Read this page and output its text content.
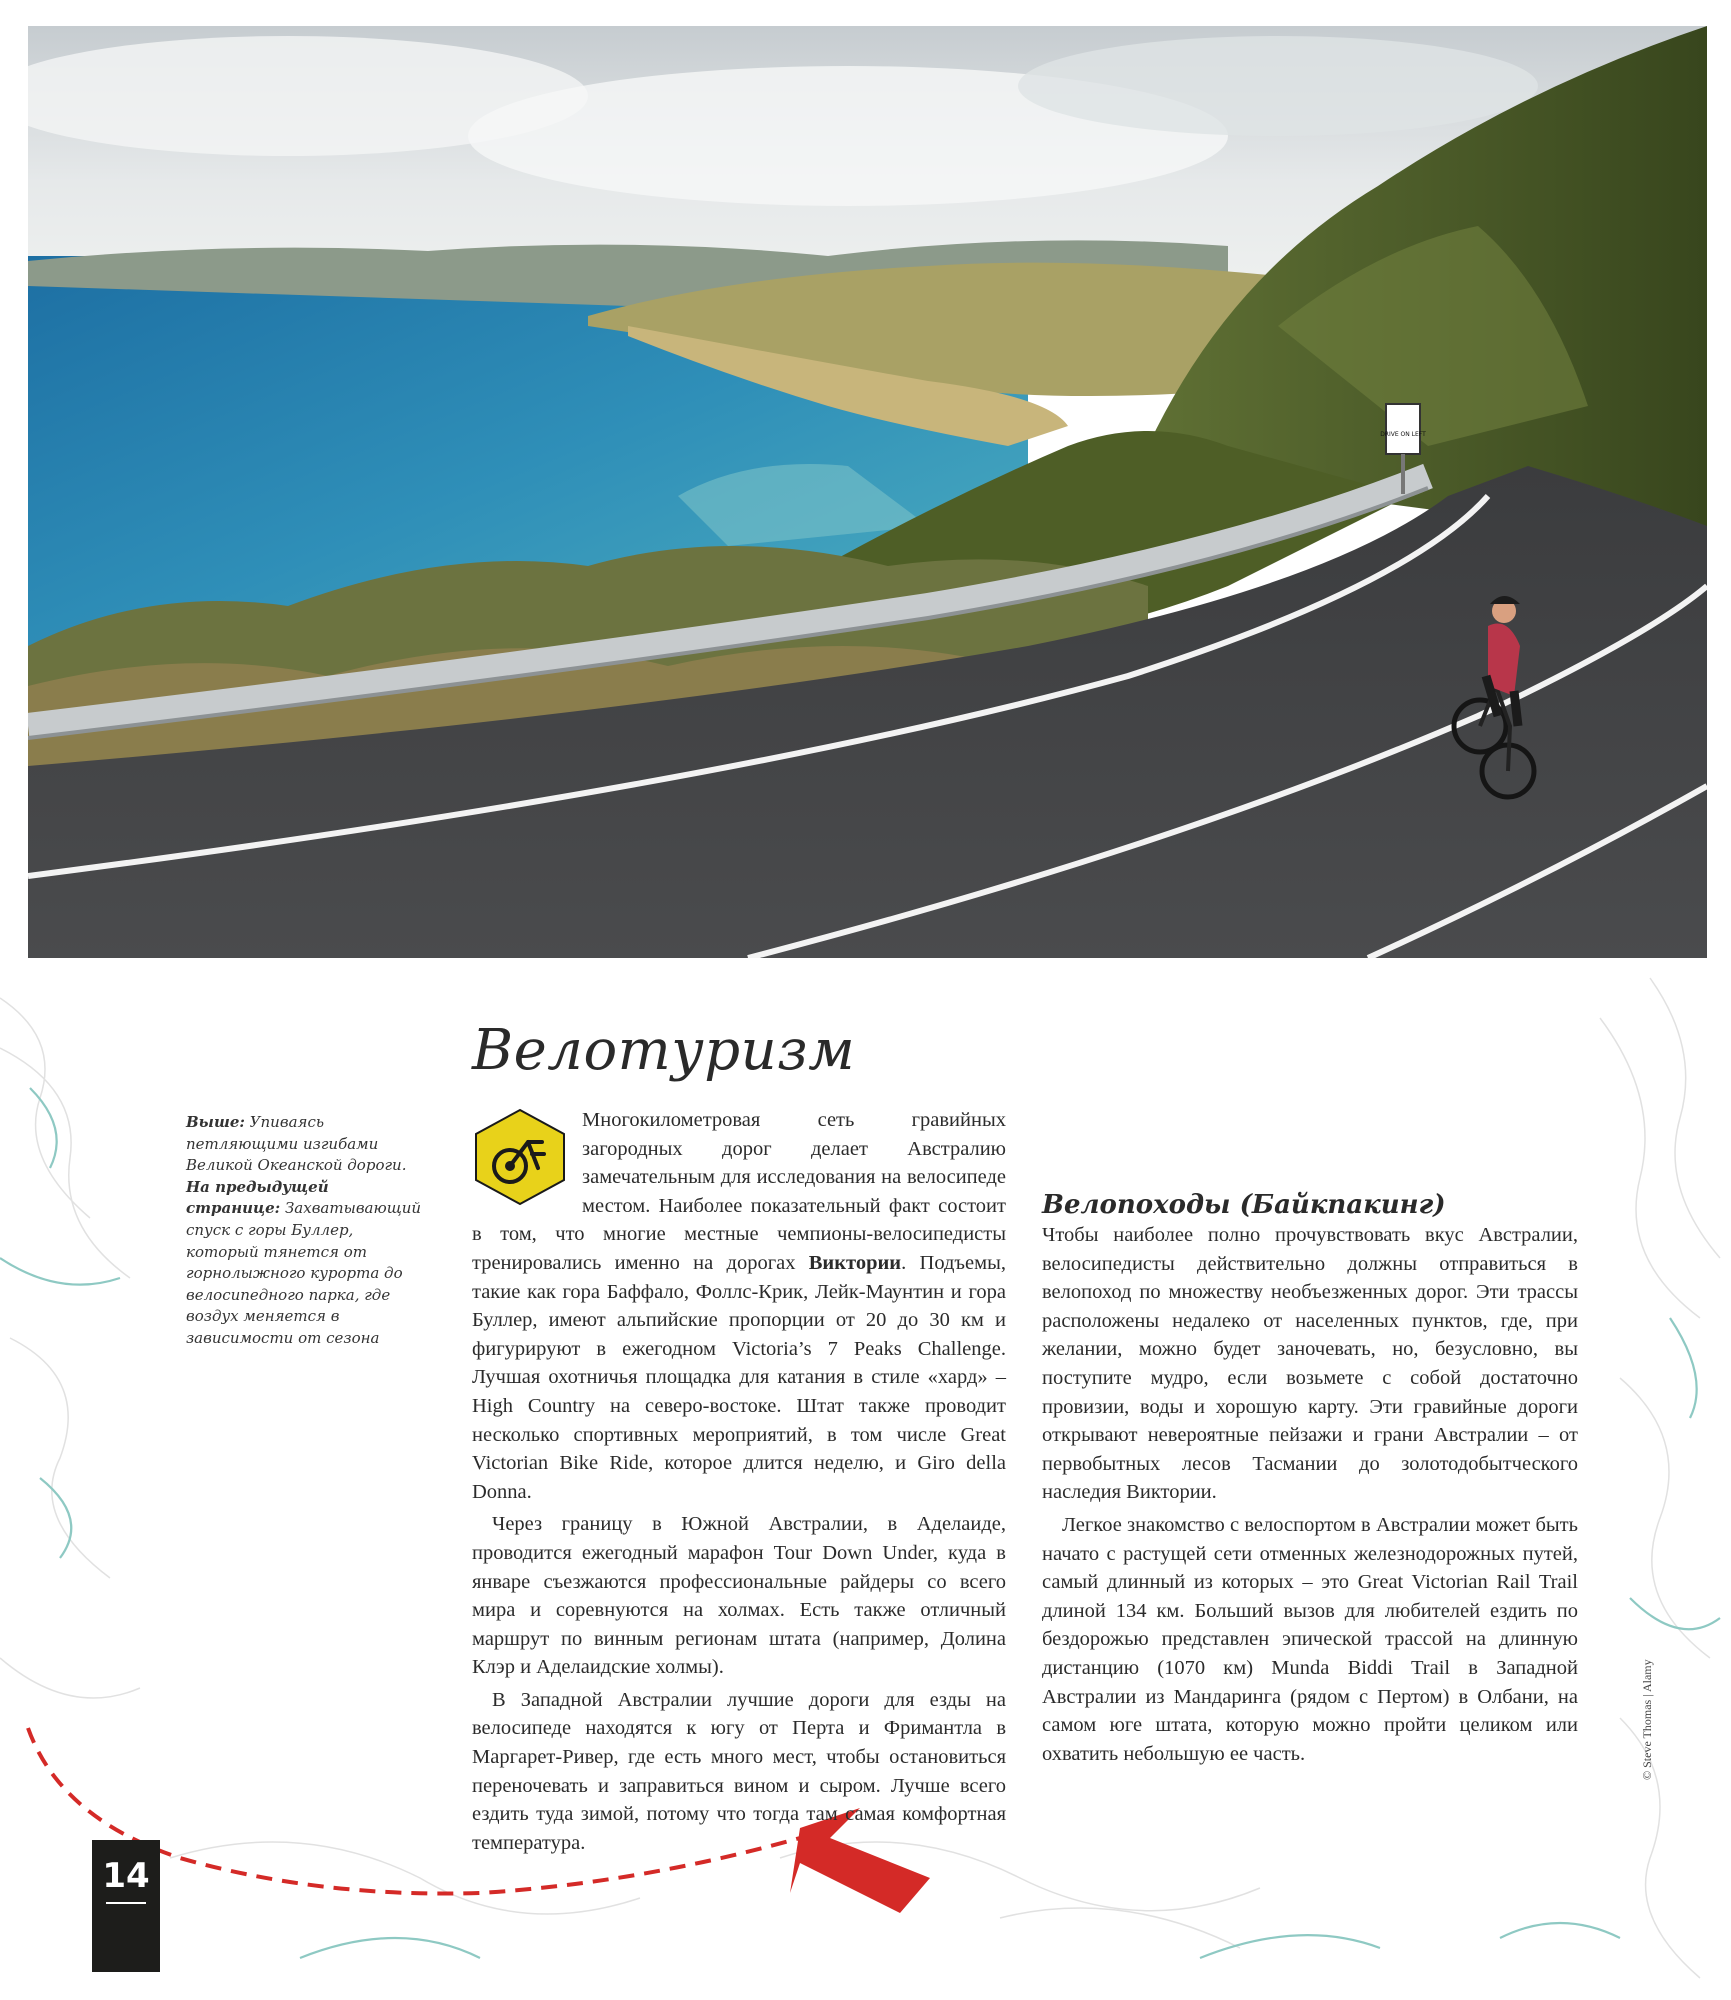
DRIVE ON LEFT
Велотуризм
Выше: Упиваясь петляющими изгибами Великой Океанской дороги. На предыдущей странице: Захватывающий спуск с горы Буллер, который тянется от горнолыжного курорта до велосипедного парка, где воздух меняется в зависимости от сезона

Многокилометровая сеть гравийных загородных дорог делает Австралию замечательным для исследования на велосипеде местом. Наиболее показательный факт состоит в том, что многие местные чемпионы-велосипедисты тренировались именно на дорогах Виктории. Подъемы, такие как гора Баффало, Фоллс-Крик, Лейк-Маунтин и гора Буллер, имеют альпийские пропорции от 20 до 30 км и фигурируют в ежегодном Victoria’s 7 Peaks Challenge. Лучшая охотничья площадка для катания в стиле «хард» – High Country на северо-востоке. Штат также проводит несколько спортивных мероприятий, в том числе Great Victorian Bike Ride, которое длится неделю, и Giro della Donna.

Через границу в Южной Австралии, в Аделаиде, проводится ежегодный марафон Tour Down Under, куда в январе съезжаются профессиональные райдеры со всего мира и соревнуются на холмах. Есть также отличный маршрут по винным регионам штата (например, Долина Клэр и Аделаидские холмы).

В Западной Австралии лучшие дороги для езды на велосипеде находятся к югу от Перта и Фримантла в Маргарет-Ривер, где есть много мест, чтобы остановиться переночевать и заправиться вином и сыром. Лучше всего ездить туда зимой, потому что тогда там самая комфортная температура.

Велопоходы (Байкпакинг)

Чтобы наиболее полно прочувствовать вкус Австралии, велосипедисты действительно должны отправиться в велопоход по множеству необъезженных дорог. Эти трассы расположены недалеко от населенных пунктов, где, при желании, можно будет заночевать, но, безусловно, вы поступите мудро, если возьмете с собой достаточно провизии, воды и хорошую карту. Эти гравийные дороги открывают невероятные пейзажи и грани Австралии – от первобытных лесов Тасмании до золотодобытческого наследия Виктории.

Легкое знакомство с велоспортом в Австралии может быть начато с растущей сети отменных железнодорожных путей, самый длинный из которых – это Great Victorian Rail Trail длиной 134 км. Больший вызов для любителей ездить по бездорожью представлен эпической трассой на длинную дистанцию (1070 км) Munda Biddi Trail в Западной Австралии из Мандаринга (рядом с Пертом) в Олбани, на самом юге штата, которую можно пройти целиком или охватить небольшую ее часть.	© Steve Thomas | Alamy
14
